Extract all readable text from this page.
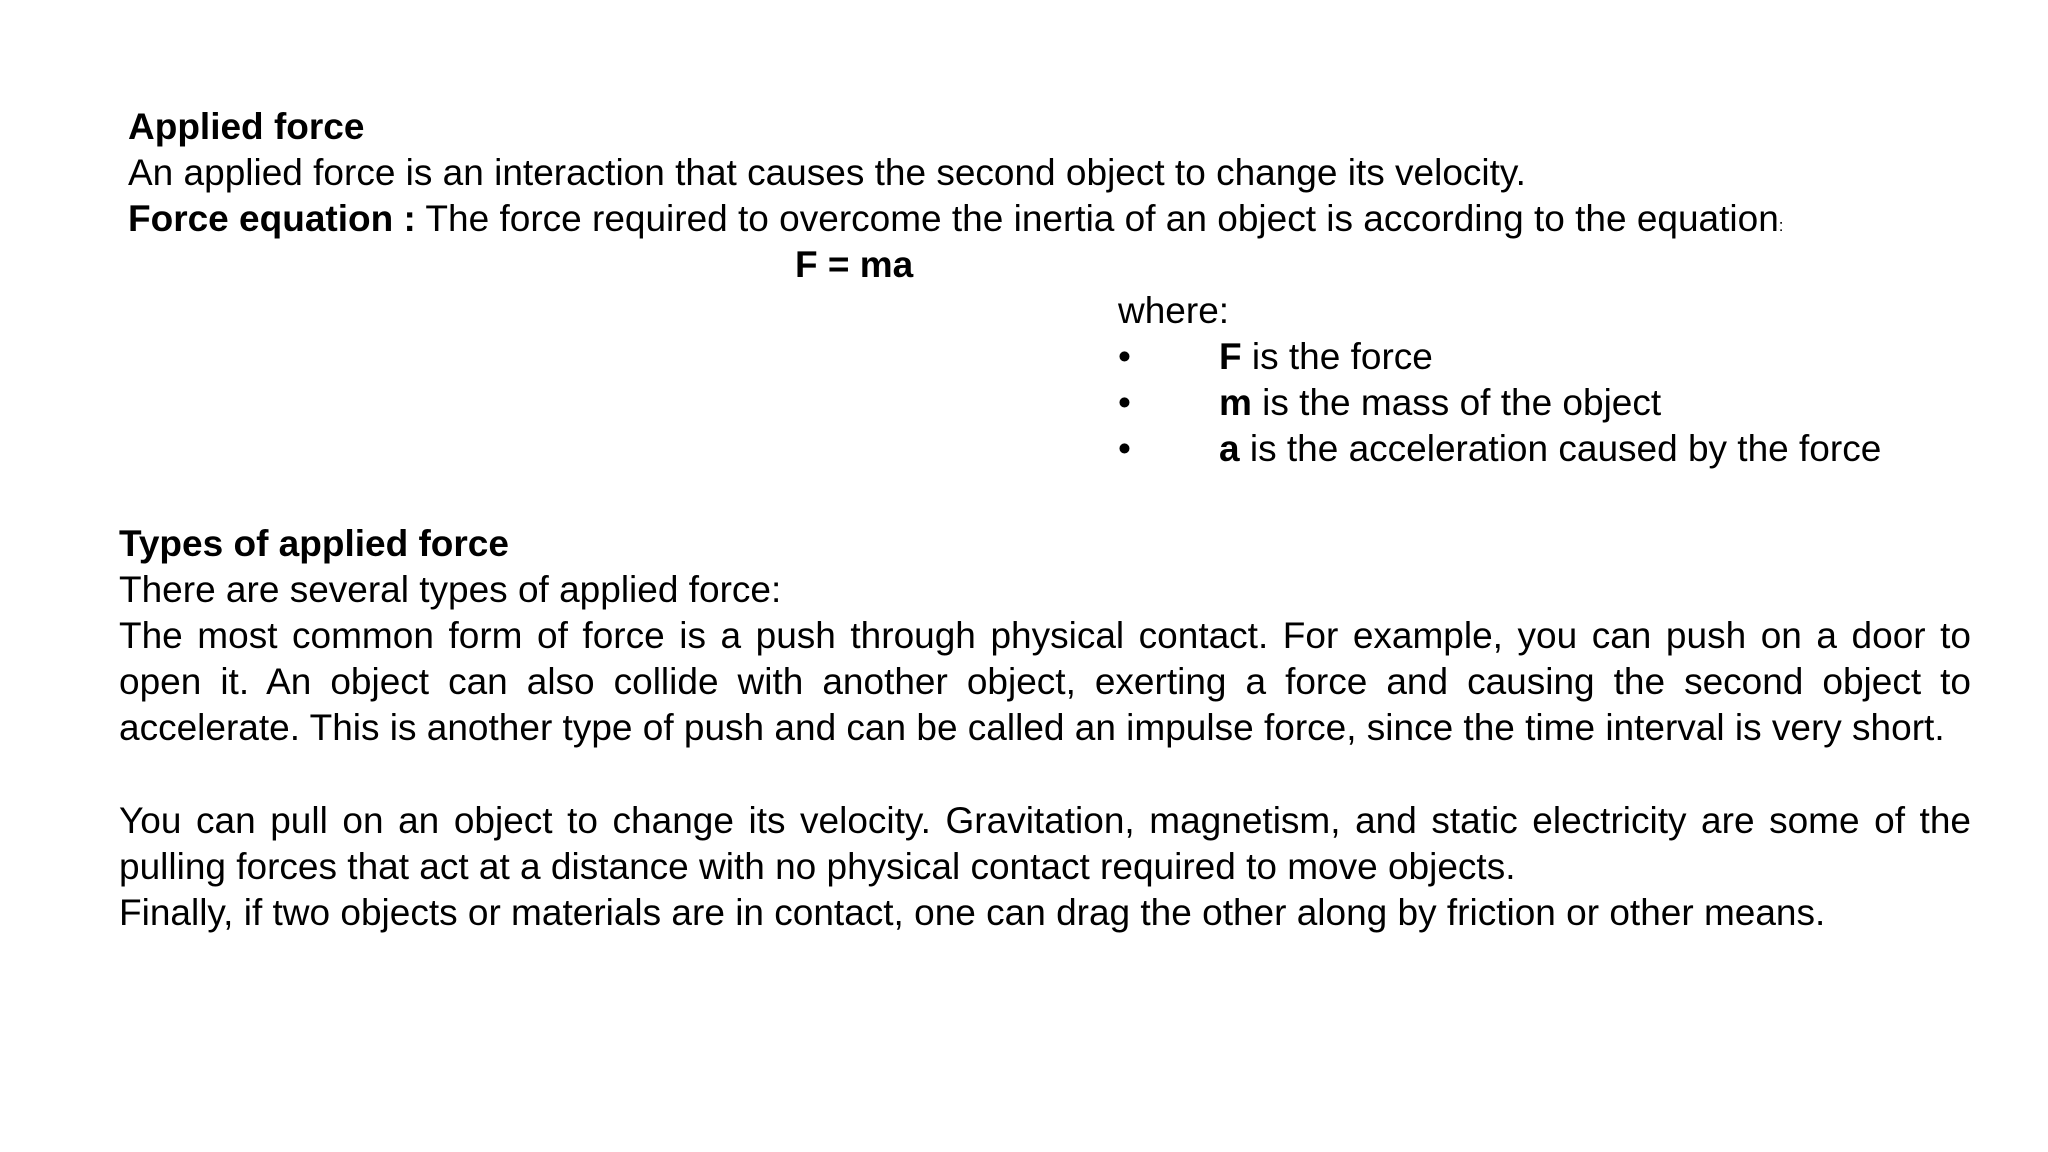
Applied force
An applied force is an interaction that causes the second object to change its velocity.
Force equation : The force required to overcome the inertia of an object is according to the equation:
F = ma
where:
• F is the force
• m is the mass of the object
• a is the acceleration caused by the force
Types of applied force
There are several types of applied force:
The most common form of force is a push through physical contact. For example, you can push on a door to open it. An object can also collide with another object, exerting a force and causing the second object to accelerate. This is another type of push and can be called an impulse force, since the time interval is very short.
You can pull on an object to change its velocity. Gravitation, magnetism, and static electricity are some of the pulling forces that act at a distance with no physical contact required to move objects.
Finally, if two objects or materials are in contact, one can drag the other along by friction or other means.
